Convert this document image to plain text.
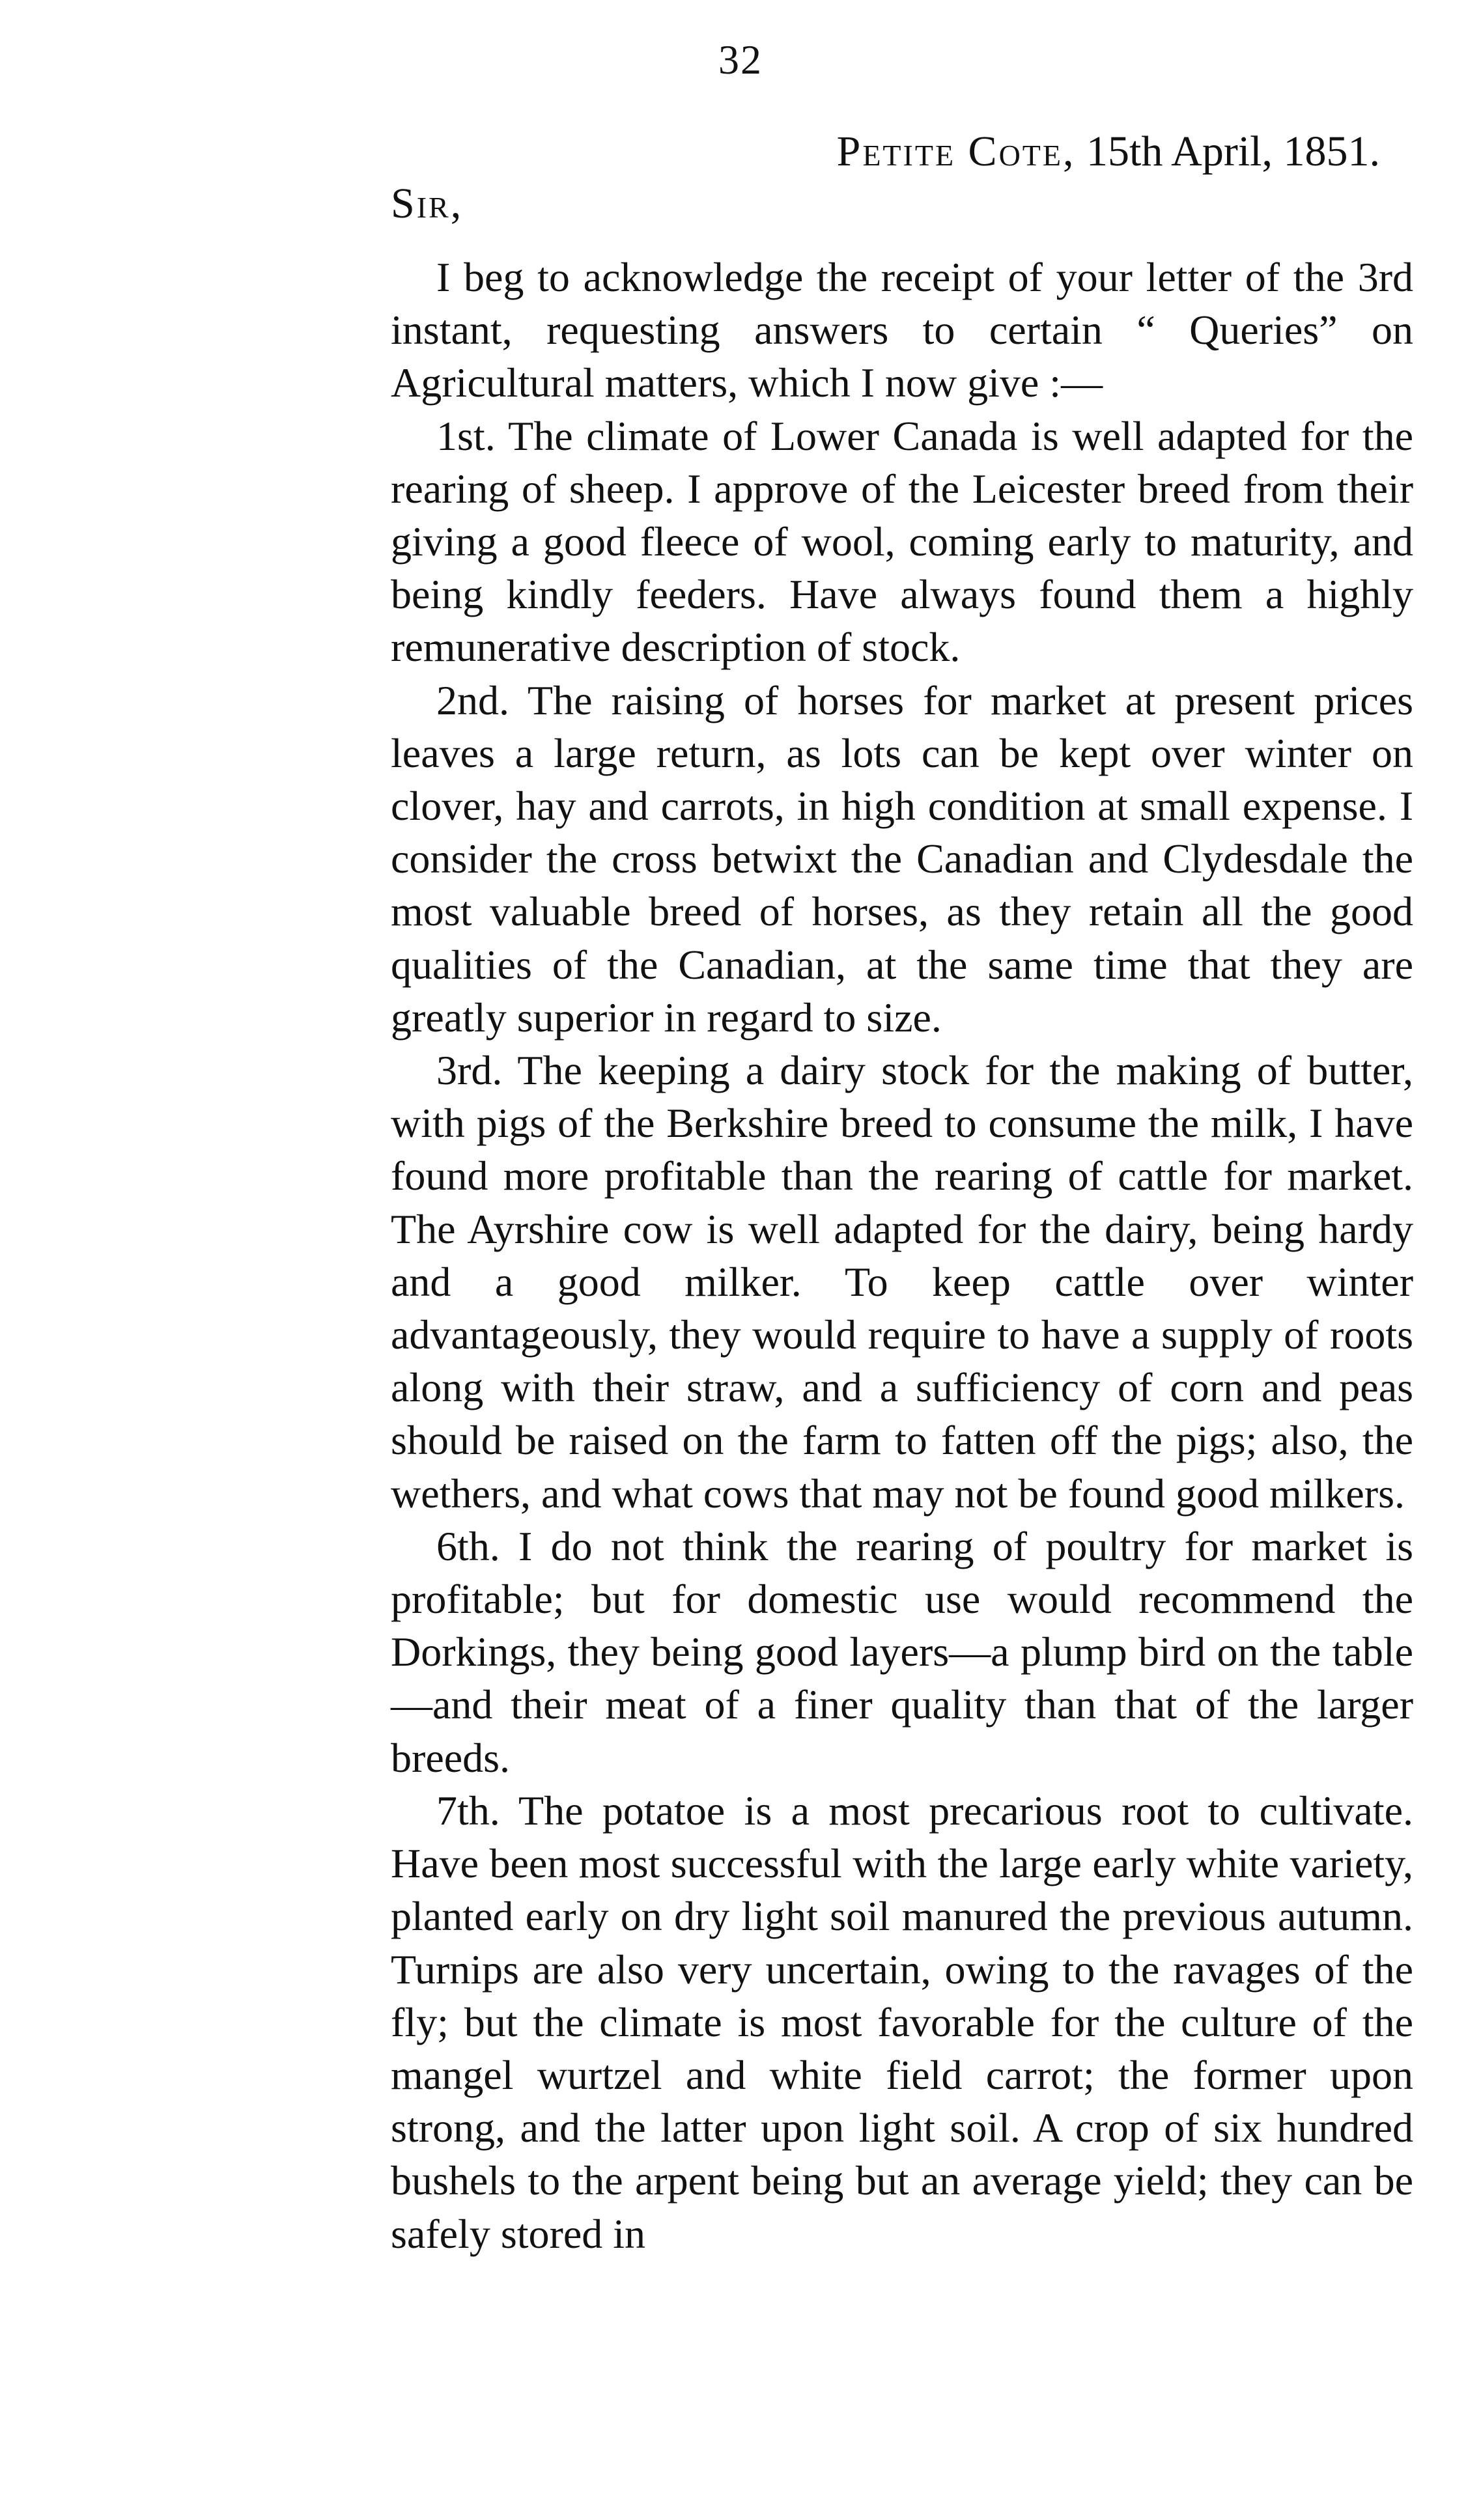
32
Petite Cote, 15th April, 1851.
Sir,

I beg to acknowledge the receipt of your letter of the 3rd instant, requesting answers to certain “ Queries” on Agricultural matters, which I now give :—

1st. The climate of Lower Canada is well adapted for the rearing of sheep. I approve of the Leicester breed from their giving a good fleece of wool, coming early to maturity, and being kindly feeders. Have always found them a highly remunerative description of stock.

2nd. The raising of horses for market at present prices leaves a large return, as lots can be kept over winter on clover, hay and carrots, in high condition at small expense. I consider the cross betwixt the Canadian and Clydesdale the most valuable breed of horses, as they retain all the good qualities of the Canadian, at the same time that they are greatly superior in regard to size.

3rd. The keeping a dairy stock for the making of butter, with pigs of the Berkshire breed to consume the milk, I have found more profitable than the rearing of cattle for market. The Ayrshire cow is well adapted for the dairy, being hardy and a good milker. To keep cattle over winter advantageously, they would require to have a supply of roots along with their straw, and a sufficiency of corn and peas should be raised on the farm to fatten off the pigs; also, the wethers, and what cows that may not be found good milkers.

6th. I do not think the rearing of poultry for market is profitable; but for domestic use would recommend the Dorkings, they being good layers—a plump bird on the table—and their meat of a finer quality than that of the larger breeds.

7th. The potatoe is a most precarious root to cultivate. Have been most successful with the large early white variety, planted early on dry light soil manured the previous autumn. Turnips are also very uncertain, owing to the ravages of the fly; but the climate is most favorable for the culture of the mangel wurtzel and white field carrot; the former upon strong, and the latter upon light soil. A crop of six hundred bushels to the arpent being but an average yield; they can be safely stored in
